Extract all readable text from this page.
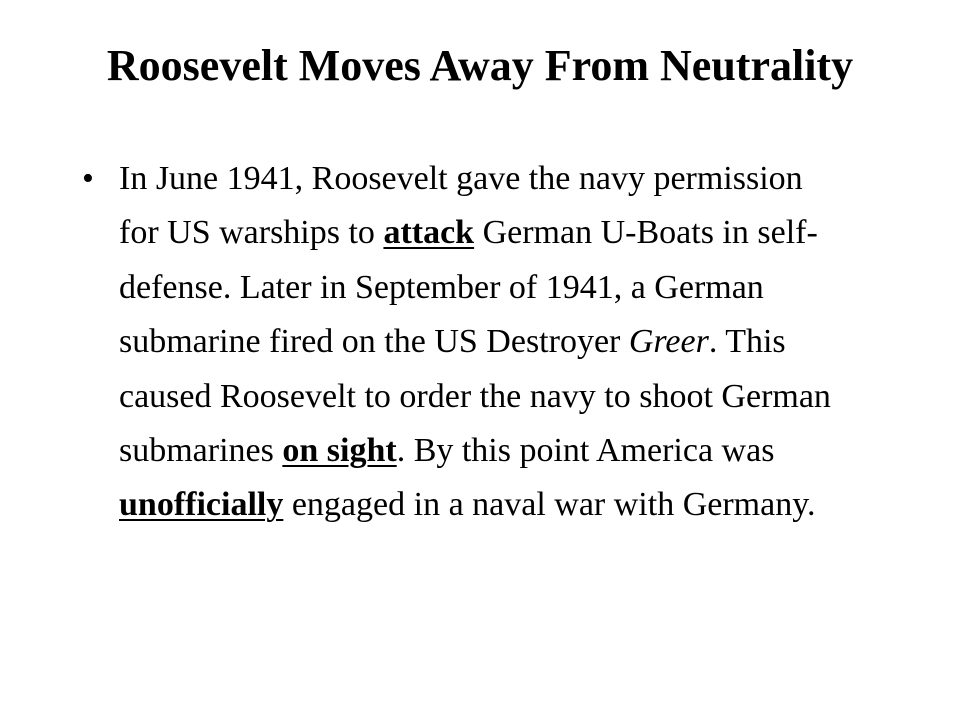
Roosevelt Moves Away From Neutrality
• In June 1941, Roosevelt gave the navy permission for US warships to attack German U-Boats in self-defense. Later in September of 1941, a German submarine fired on the US Destroyer Greer. This caused Roosevelt to order the navy to shoot German submarines on sight. By this point America was unofficially engaged in a naval war with Germany.
